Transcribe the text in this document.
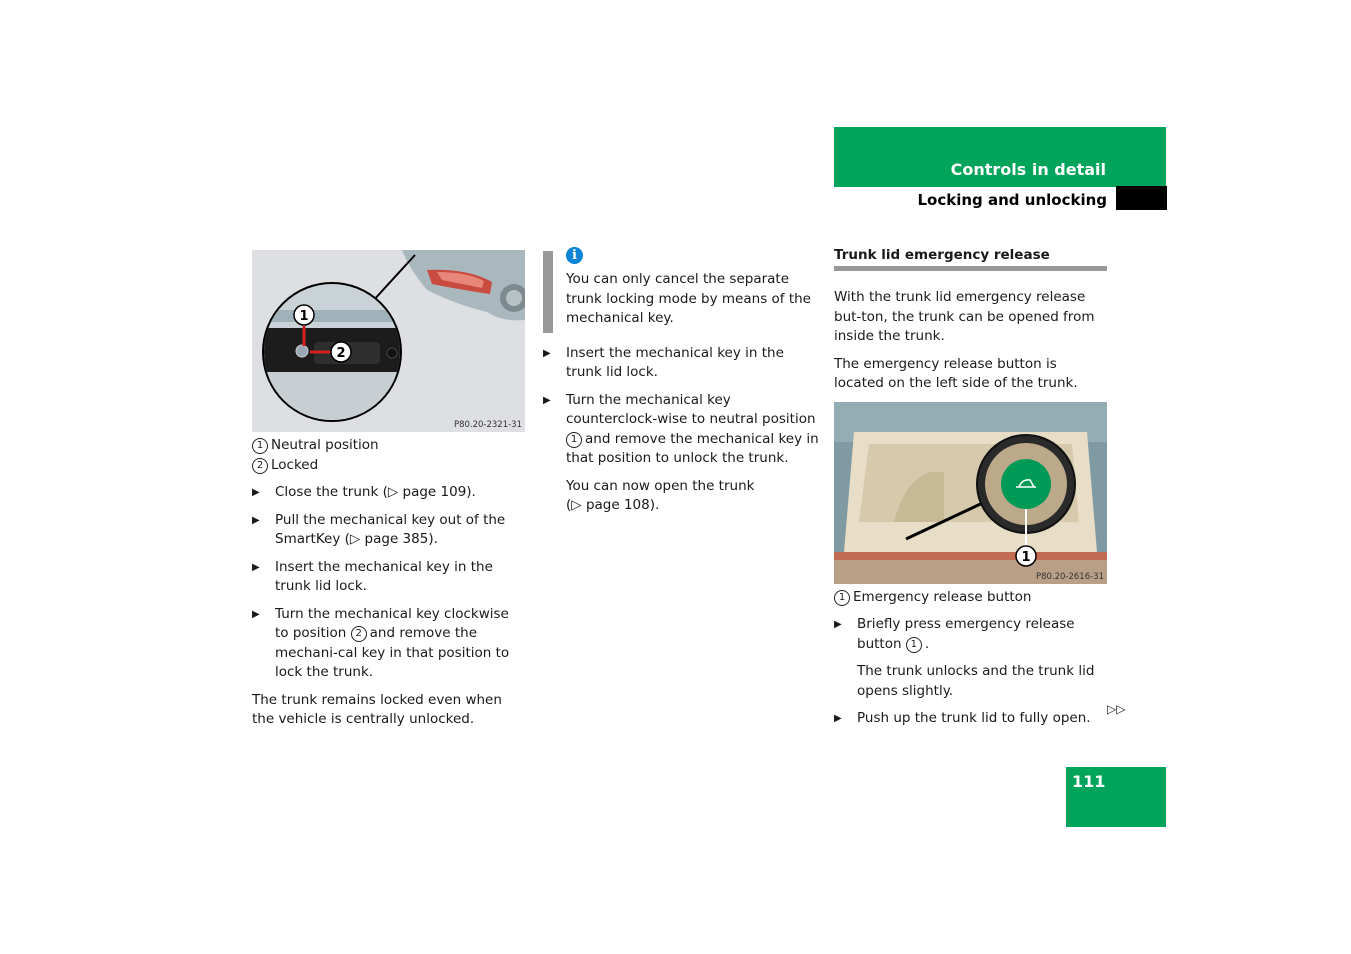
Controls in detail
Locking and unlocking
1
2
P80.20-2321-31

1 Neutral position

2 Locked

▶ Close the trunk (▷ page 109).

▶ Pull the mechanical key out of the SmartKey (▷ page 385).

▶ Insert the mechanical key in the trunk lid lock.

▶ Turn the mechanical key clockwise to position 2 and remove the mechani-cal key in that position to lock the trunk.

The trunk remains locked even when the vehicle is centrally unlocked.

i

You can only cancel the separate trunk locking mode by means of the mechanical key.

▶ Insert the mechanical key in the trunk lid lock.

▶ Turn the mechanical key counterclock-wise to neutral position 1 and remove the mechanical key in that position to unlock the trunk.

You can now open the trunk
(▷ page 108).

Trunk lid emergency release

With the trunk lid emergency release but-ton, the trunk can be opened from inside the trunk.

The emergency release button is located on the left side of the trunk.

1
P80.20-2616-31

1 Emergency release button

▶ Briefly press emergency release button 1 .

The trunk unlocks and the trunk lid opens slightly.

▶ Push up the trunk lid to fully open.

▷▷
111
